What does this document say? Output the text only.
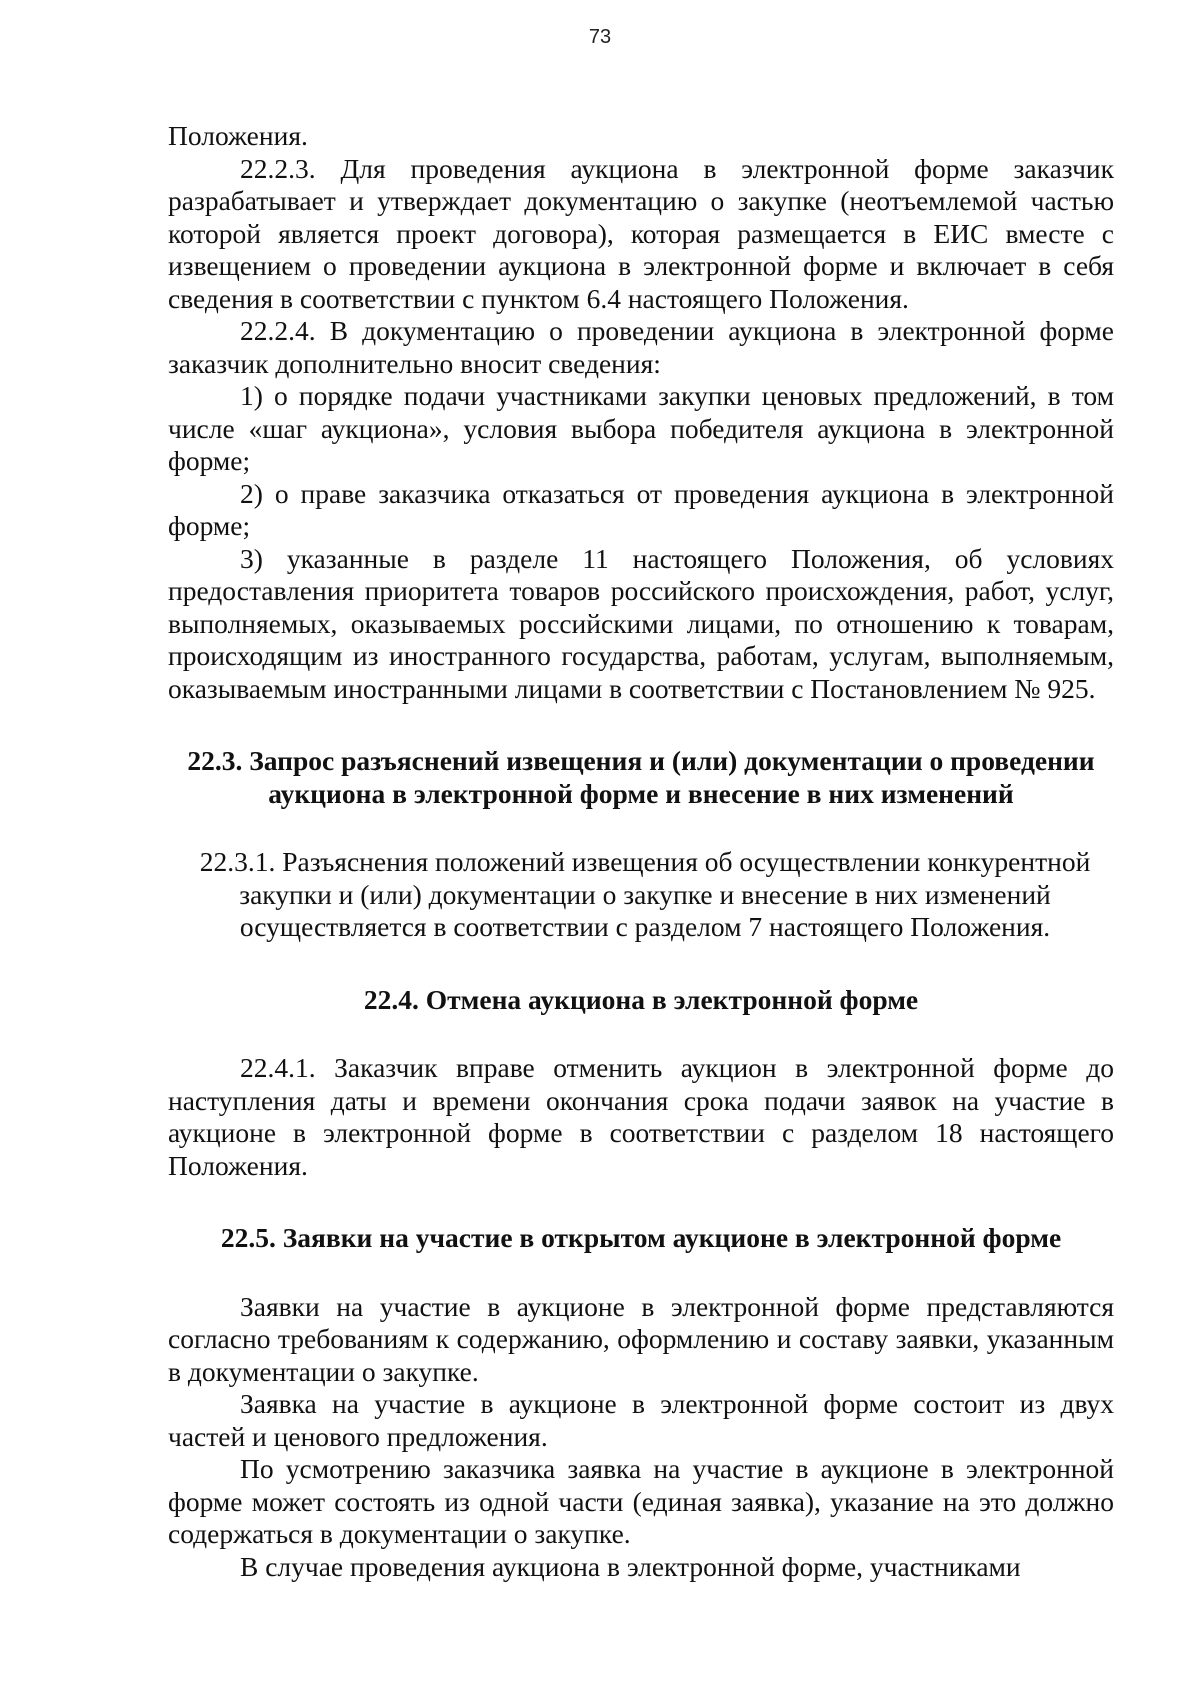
73

Положения.

22.2.3. Для проведения аукциона в электронной форме заказчик разрабатывает и утверждает документацию о закупке (неотъемлемой частью которой является проект договора), которая размещается в ЕИС вместе с извещением о проведении аукциона в электронной форме и включает в себя сведения в соответствии с пунктом 6.4 настоящего Положения.

22.2.4. В документацию о проведении аукциона в электронной форме заказчик дополнительно вносит сведения:

1) о порядке подачи участниками закупки ценовых предложений, в том числе «шаг аукциона», условия выбора победителя аукциона в электронной форме;

2) о праве заказчика отказаться от проведения аукциона в электронной форме;

3) указанные в разделе 11 настоящего Положения, об условиях предоставления приоритета товаров российского происхождения, работ, услуг, выполняемых, оказываемых российскими лицами, по отношению к товарам, происходящим из иностранного государства, работам, услугам, выполняемым, оказываемым иностранными лицами в соответствии с Постановлением № 925.

22.3. Запрос разъяснений извещения и (или) документации о проведении

аукциона в электронной форме и внесение в них изменений

22.3.1. Разъяснения положений извещения об осуществлении конкурентной закупки и (или) документации о закупке и внесение в них изменений осуществляется в соответствии с разделом 7 настоящего Положения.

22.4. Отмена аукциона в электронной форме

22.4.1. Заказчик вправе отменить аукцион в электронной форме до наступления даты и времени окончания срока подачи заявок на участие в аукционе в электронной форме в соответствии с разделом 18 настоящего Положения.

22.5. Заявки на участие в открытом аукционе в электронной форме

Заявки на участие в аукционе в электронной форме представляются согласно требованиям к содержанию, оформлению и составу заявки, указанным в документации о закупке.

Заявка на участие в аукционе в электронной форме состоит из двух частей и ценового предложения.

По усмотрению заказчика заявка на участие в аукционе в электронной форме может состоять из одной части (единая заявка), указание на это должно содержаться в документации о закупке.

В случае проведения аукциона в электронной форме, участниками
